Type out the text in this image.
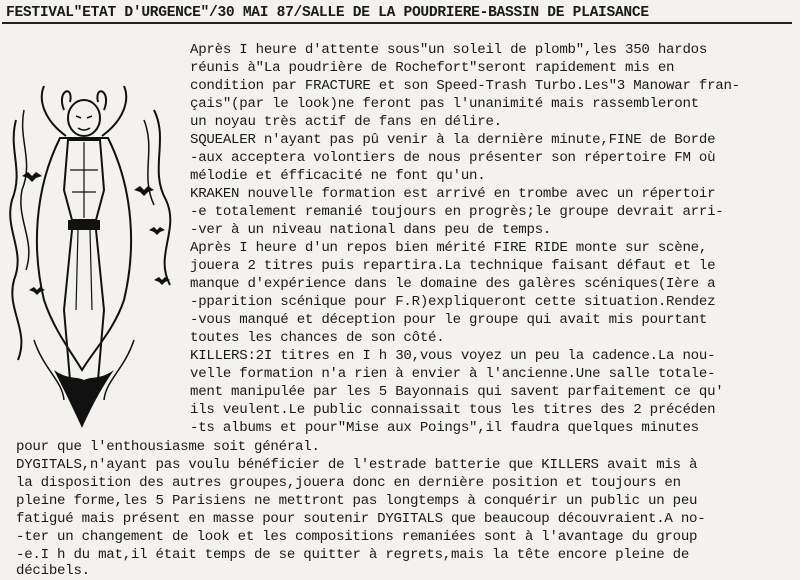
FESTIVAL"ETAT D'URGENCE"/30 MAI 87/SALLE DE LA POUDRIERE-BASSIN DE PLAISANCE
Après I heure d'attente sous"un soleil de plomb",les 350 hardos
réunis à"La poudrière de Rochefort"seront rapidement mis en
condition par FRACTURE et son Speed-Trash Turbo.Les"3 Manowar fran-
çais"(par le look)ne feront pas l'unanimité mais rassembleront
un noyau très actif de fans en délire.
SQUEALER n'ayant pas pû venir à la dernière minute,FINE de Borde
-aux acceptera volontiers de nous présenter son répertoire FM où
mélodie et éfficacité ne font qu'un.
KRAKEN nouvelle formation est arrivé en trombe avec un répertoir
-e totalement remanié toujours en progrès;le groupe devrait arri-
-ver à un niveau national dans peu de temps.
Après I heure d'un repos bien mérité FIRE RIDE monte sur scène,
jouera 2 titres puis repartira.La technique faisant défaut et le
manque d'expérience dans le domaine des galères scéniques(Ière a
-pparition scénique pour F.R)expliqueront cette situation.Rendez
-vous manqué et déception pour le groupe qui avait mis pourtant
toutes les chances de son côté.
KILLERS:2I titres en I h 30,vous voyez un peu la cadence.La nou-
velle formation n'a rien à envier à l'ancienne.Une salle totale-
ment manipulée par les 5 Bayonnais qui savent parfaitement ce qu'
ils veulent.Le public connaissait tous les titres des 2 précéden
-ts albums et pour"Mise aux Poings",il faudra quelques minutes
pour que l'enthousiasme soit général.
DYGITALS,n'ayant pas voulu bénéficier de l'estrade batterie que KILLERS avait mis à
la disposition des autres groupes,jouera donc en dernière position et toujours en
pleine forme,les 5 Parisiens ne mettront pas longtemps à conquérir un public un peu
fatigué mais présent en masse pour soutenir DYGITALS que beaucoup découvraient.A no-
-ter un changement de look et les compositions remaniées sont à l'avantage du group
-e.I h du mat,il était temps de se quitter à regrets,mais la tête encore pleine de
décibels.
